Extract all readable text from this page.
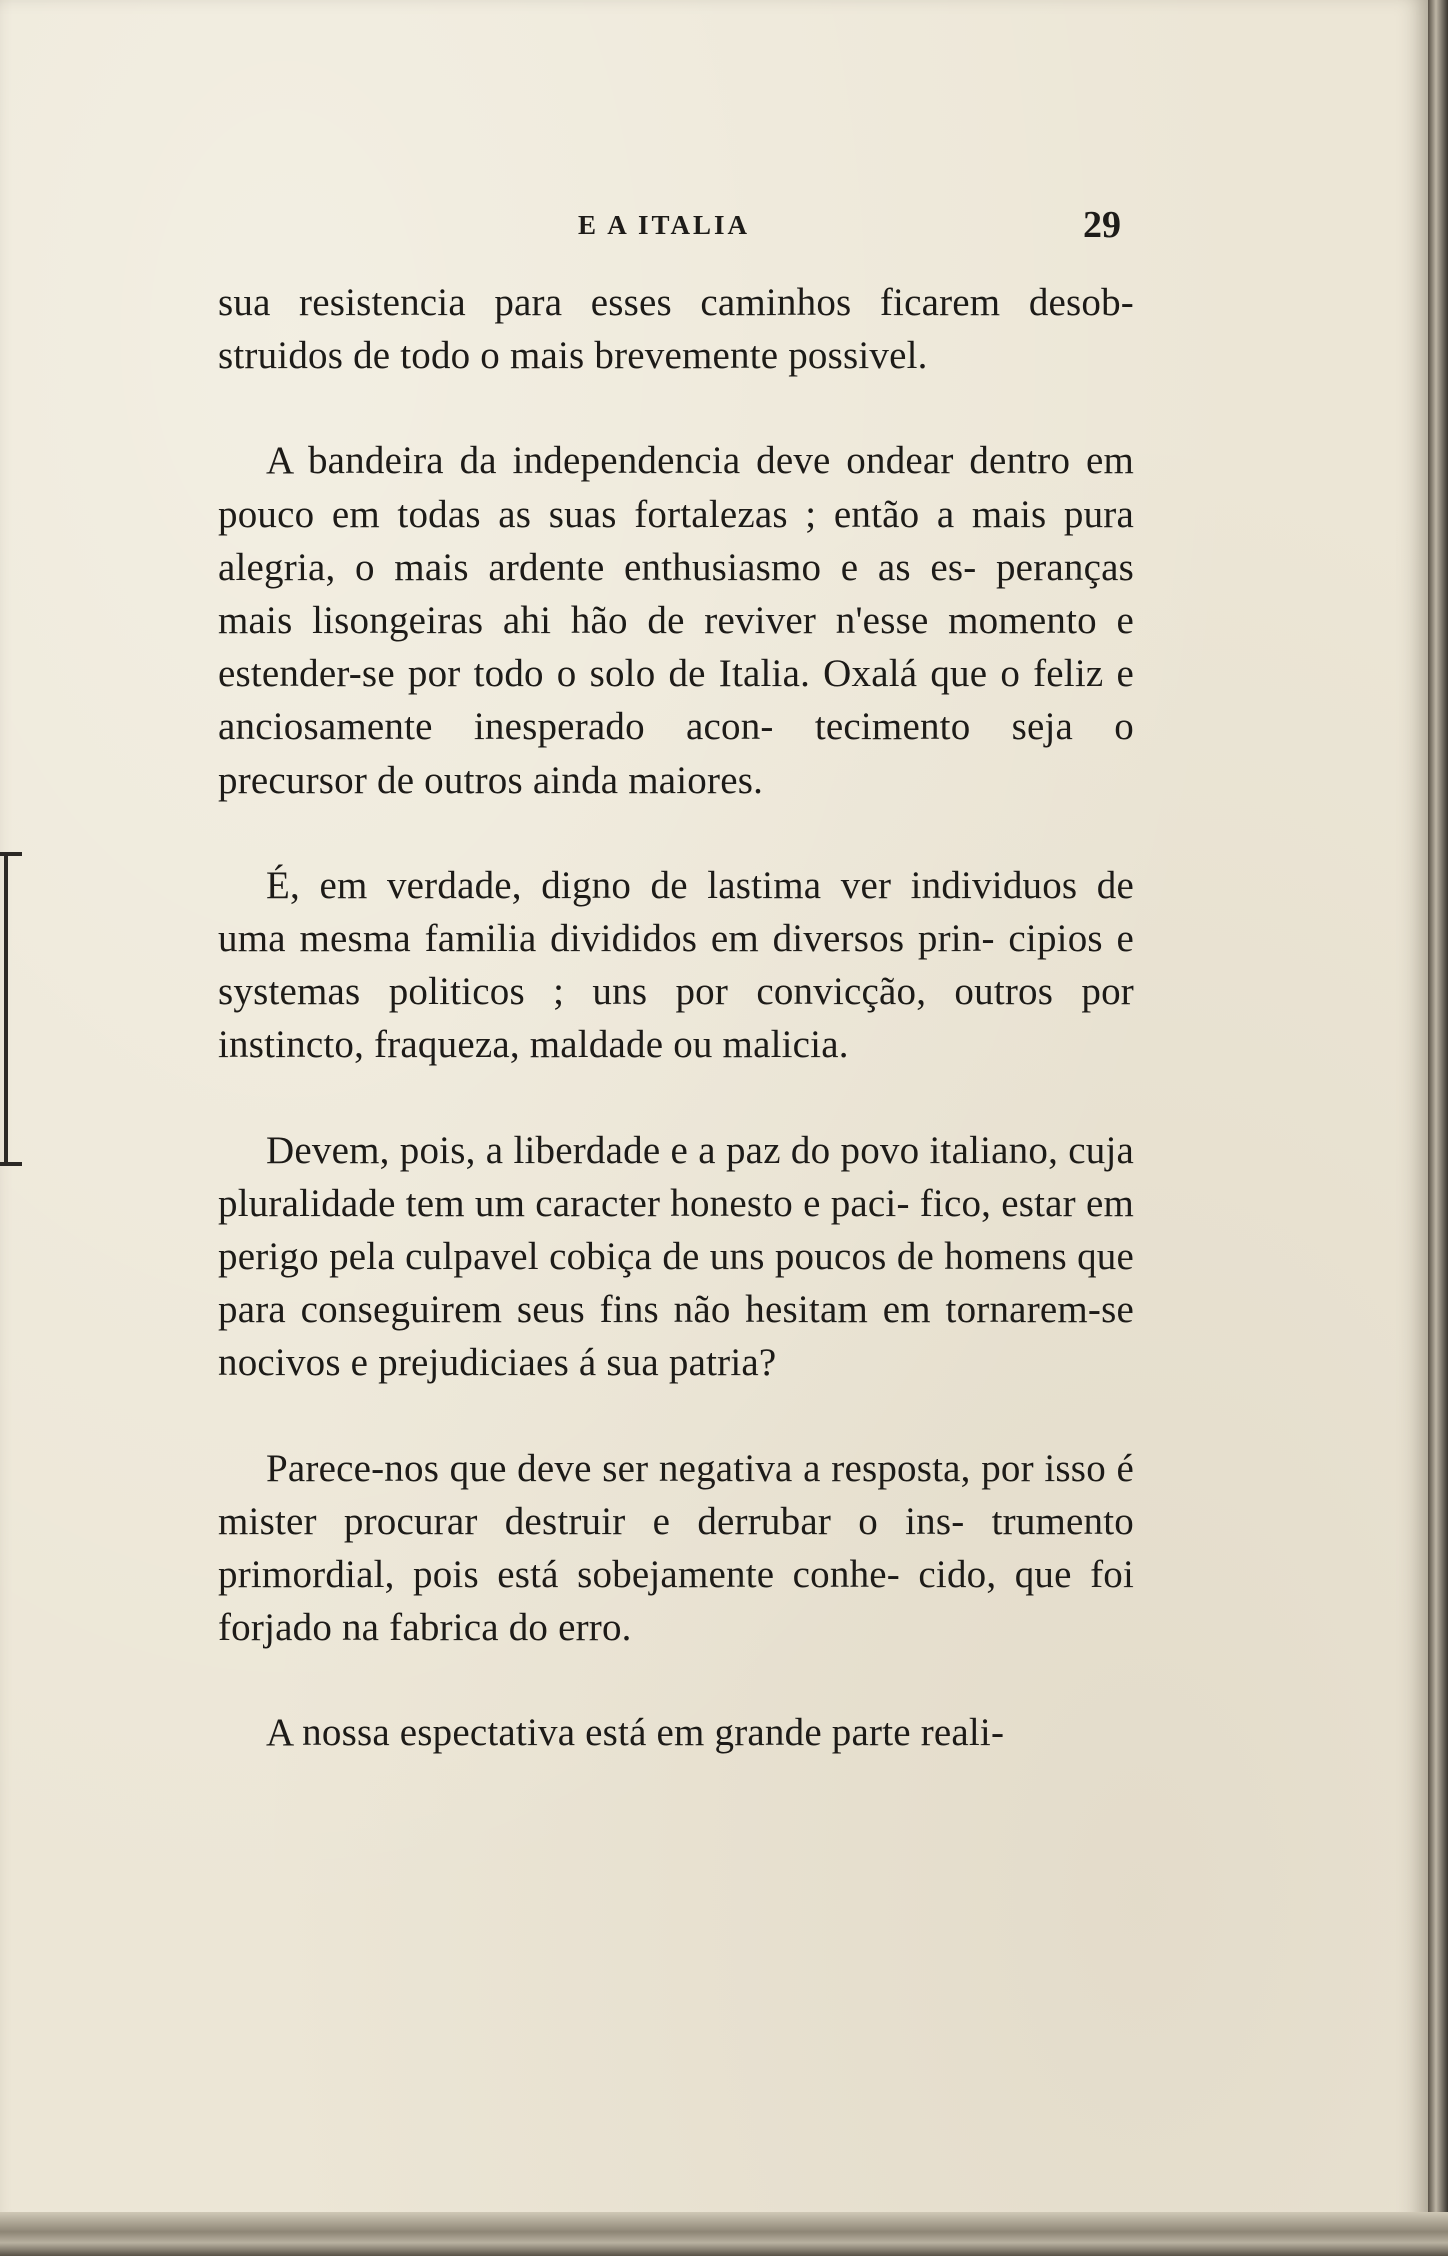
E A ITALIA	29

sua resistencia para esses caminhos ficarem desob- struidos de todo o mais brevemente possivel.

A bandeira da independencia deve ondear dentro em pouco em todas as suas fortalezas ; então a mais pura alegria, o mais ardente enthusiasmo e as es- peranças mais lisongeiras ahi hão de reviver n'esse momento e estender-se por todo o solo de Italia. Oxalá que o feliz e anciosamente inesperado acon- tecimento seja o precursor de outros ainda maiores.

É, em verdade, digno de lastima ver individuos de uma mesma familia divididos em diversos prin- cipios e systemas politicos ; uns por convicção, outros por instincto, fraqueza, maldade ou malicia.

Devem, pois, a liberdade e a paz do povo italiano, cuja pluralidade tem um caracter honesto e paci- fico, estar em perigo pela culpavel cobiça de uns poucos de homens que para conseguirem seus fins não hesitam em tornarem-se nocivos e prejudiciaes á sua patria?

Parece-nos que deve ser negativa a resposta, por isso é mister procurar destruir e derrubar o ins- trumento primordial, pois está sobejamente conhe- cido, que foi forjado na fabrica do erro.

A nossa espectativa está em grande parte reali-
